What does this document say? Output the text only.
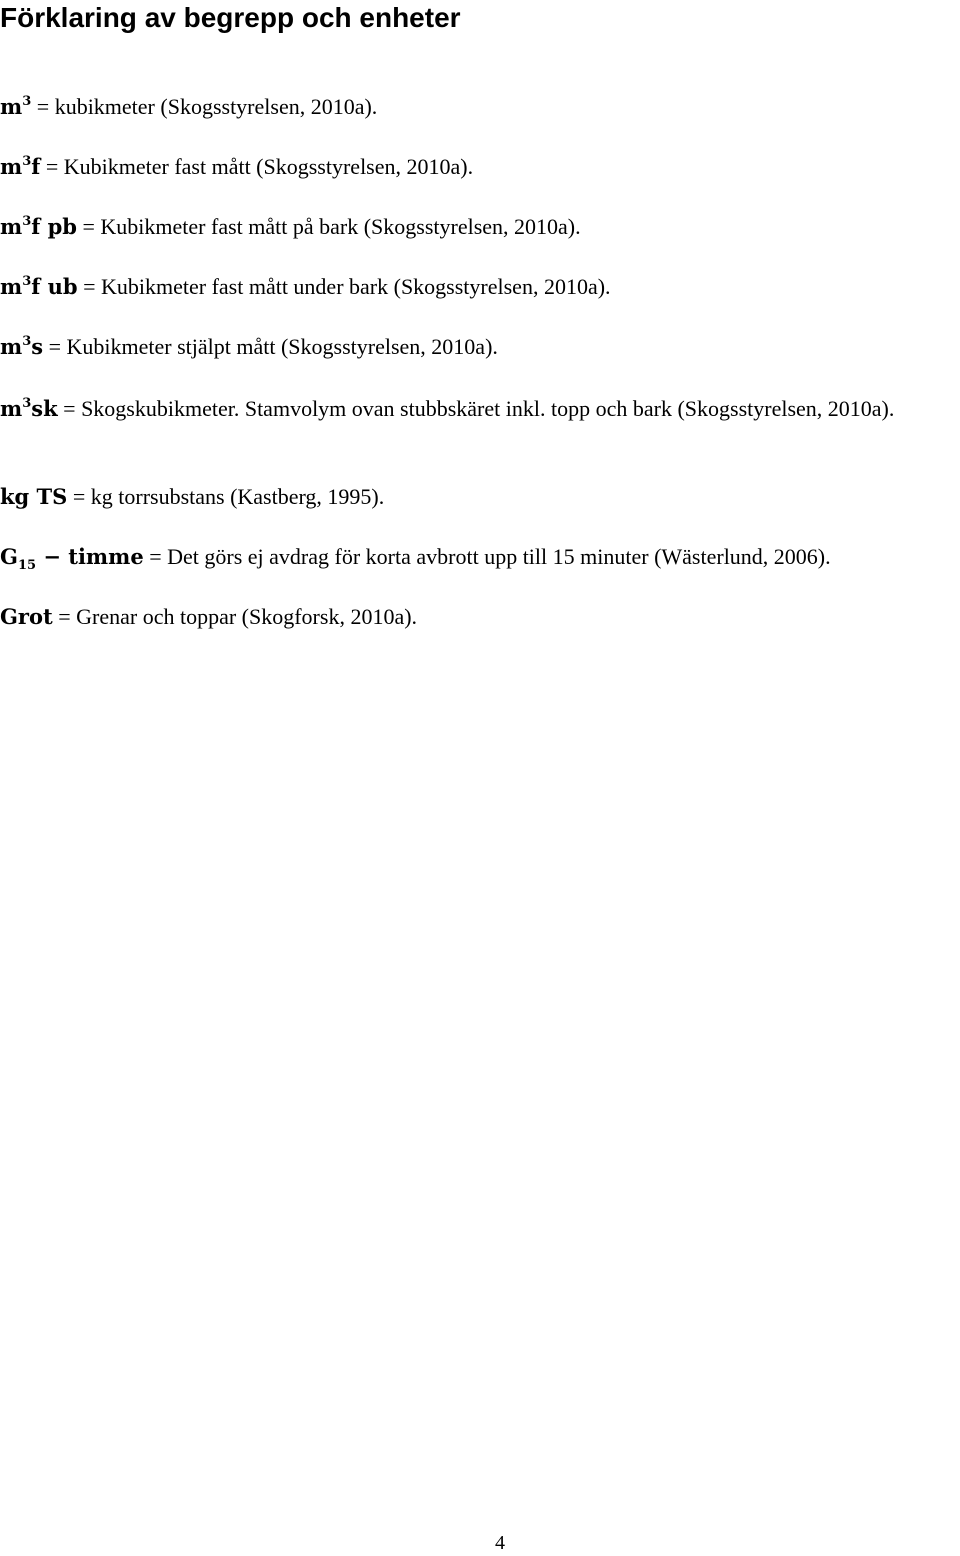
Förklaring av begrepp och enheter

$m^3$ = kubikmeter (Skogsstyrelsen, 2010a).

$m^3f$ = Kubikmeter fast mått (Skogsstyrelsen, 2010a).

$m^3f$ pb = Kubikmeter fast mått på bark (Skogsstyrelsen, 2010a).

$m^3f$ ub = Kubikmeter fast mått under bark (Skogsstyrelsen, 2010a).

$m^3s$ = Kubikmeter stjälpt mått (Skogsstyrelsen, 2010a).

$m^3sk$ = Skogskubikmeter. Stamvolym ovan stubbskäret inkl. topp och bark (Skogsstyrelsen, 2010a).

kg TS = kg torrsubstans (Kastberg, 1995).

$G_{15}$ − timme = Det görs ej avdrag för korta avbrott upp till 15 minuter (Wästerlund, 2006).

Grot = Grenar och toppar (Skogforsk, 2010a).

4
